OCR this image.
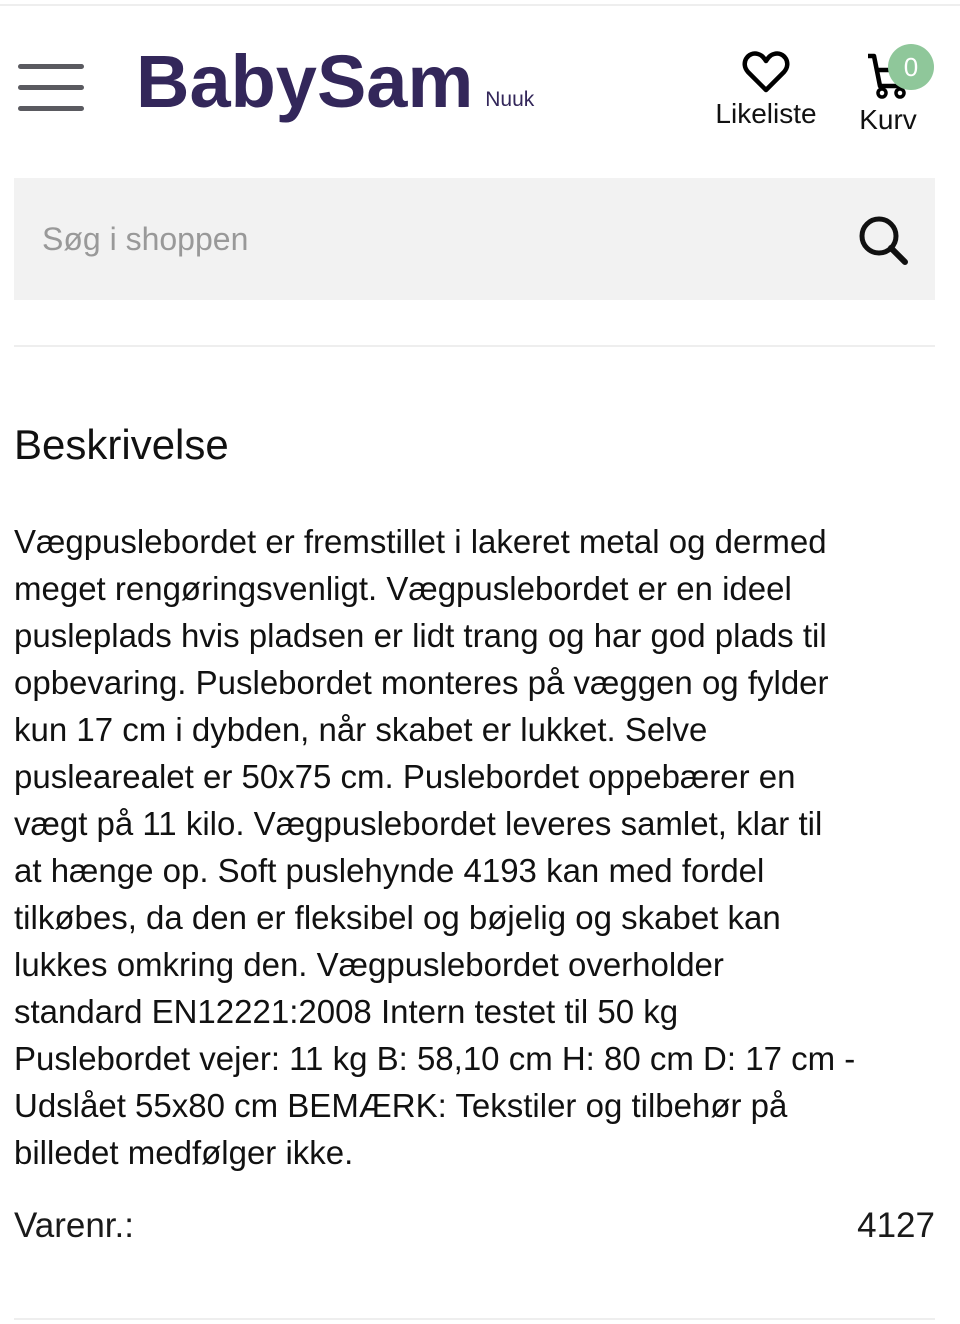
BabySam Nuuk	Likeliste	Kurv
0
Søg i shoppen
Beskrivelse
Vægpuslebordet er fremstillet i lakeret metal og dermed
meget rengøringsvenligt. Vægpuslebordet er en ideel
pusleplads hvis pladsen er lidt trang og har god plads til
opbevaring. Puslebordet monteres på væggen og fylder
kun 17 cm i dybden, når skabet er lukket. Selve
puslearealet er 50x75 cm. Puslebordet oppebærer en
vægt på 11 kilo. Vægpuslebordet leveres samlet, klar til
at hænge op. Soft puslehynde 4193 kan med fordel
tilkøbes, da den er fleksibel og bøjelig og skabet kan
lukkes omkring den. Vægpuslebordet overholder
standard EN12221:2008 Intern testet til 50 kg
Puslebordet vejer: 11 kg B: 58,10 cm H: 80 cm D: 17 cm -
Udslået 55x80 cm BEMÆRK: Tekstiler og tilbehør på
billedet medfølger ikke.
Varenr.:	4127
